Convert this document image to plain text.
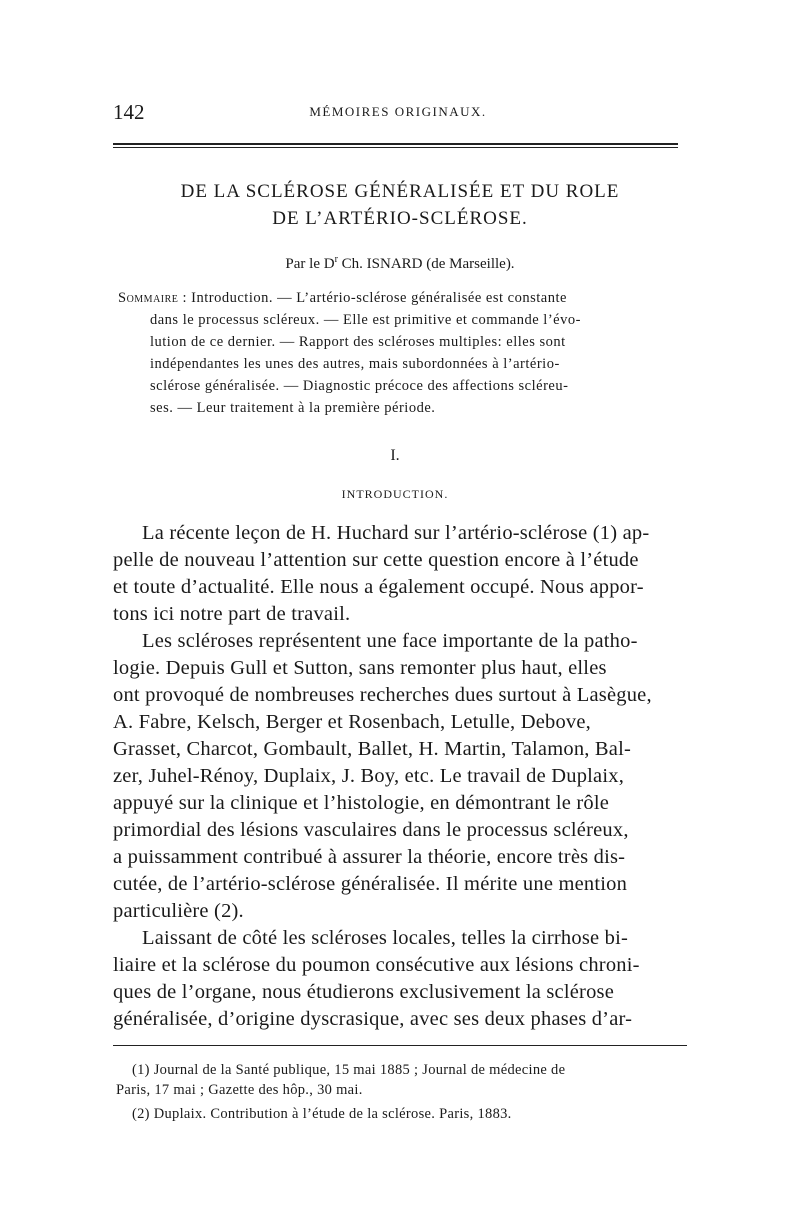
142	MÉMOIRES ORIGINAUX.
DE LA SCLÉROSE GÉNÉRALISÉE ET DU ROLE
DE L’ARTÉRIO-SCLÉROSE.
Par le $D^r$ Ch. ISNARD (de Marseille).
Sommaire : Introduction. — L’artério-sclérose généralisée est constante
dans le processus scléreux. — Elle est primitive et commande l’évo-
lution de ce dernier. — Rapport des scléroses multiples: elles sont
indépendantes les unes des autres, mais subordonnées à l’artério-
sclérose généralisée. — Diagnostic précoce des affections scléreu-
ses. — Leur traitement à la première période.
I.
INTRODUCTION.
La récente leçon de H. Huchard sur l’artério-sclérose (1) ap-
pelle de nouveau l’attention sur cette question encore à l’étude
et toute d’actualité. Elle nous a également occupé. Nous appor-
tons ici notre part de travail.
Les scléroses représentent une face importante de la patho-
logie. Depuis Gull et Sutton, sans remonter plus haut, elles
ont provoqué de nombreuses recherches dues surtout à Lasègue,
A. Fabre, Kelsch, Berger et Rosenbach, Letulle, Debove,
Grasset, Charcot, Gombault, Ballet, H. Martin, Talamon, Bal-
zer, Juhel-Rénoy, Duplaix, J. Boy, etc. Le travail de Duplaix,
appuyé sur la clinique et l’histologie, en démontrant le rôle
primordial des lésions vasculaires dans le processus scléreux,
a puissamment contribué à assurer la théorie, encore très dis-
cutée, de l’artério-sclérose généralisée. Il mérite une mention
particulière (2).
Laissant de côté les scléroses locales, telles la cirrhose bi-
liaire et la sclérose du poumon consécutive aux lésions chroni-
ques de l’organe, nous étudierons exclusivement la sclérose
généralisée, d’origine dyscrasique, avec ses deux phases d’ar-
(1) Journal de la Santé publique, 15 mai 1885 ; Journal de médecine de
Paris, 17 mai ; Gazette des hôp., 30 mai.
(2) Duplaix. Contribution à l’étude de la sclérose. Paris, 1883.
